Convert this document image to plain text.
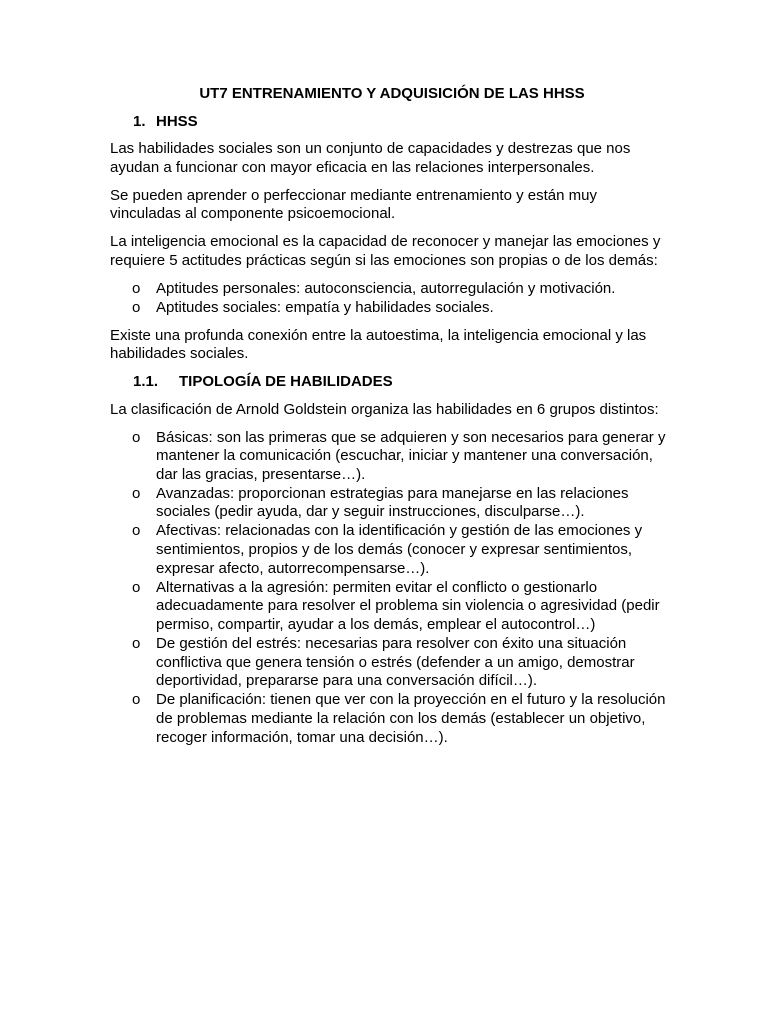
UT7 ENTRENAMIENTO Y ADQUISICIÓN DE LAS HHSS
1. HHSS

Las habilidades sociales son un conjunto de capacidades y destrezas que nos ayudan a funcionar con mayor eficacia en las relaciones interpersonales.

Se pueden aprender o perfeccionar mediante entrenamiento y están muy vinculadas al componente psicoemocional.

La inteligencia emocional es la capacidad de reconocer y manejar las emociones y requiere 5 actitudes prácticas según si las emociones son propias o de los demás:

o	Aptitudes personales: autoconsciencia, autorregulación y motivación.
o	Aptitudes sociales: empatía y habilidades sociales.

Existe una profunda conexión entre la autoestima, la inteligencia emocional y las habilidades sociales.

1.1.	TIPOLOGÍA DE HABILIDADES

La clasificación de Arnold Goldstein organiza las habilidades en 6 grupos distintos:

o	Básicas: son las primeras que se adquieren y son necesarios para generar y mantener la comunicación (escuchar, iniciar y mantener una conversación, dar las gracias, presentarse…).
o	Avanzadas: proporcionan estrategias para manejarse en las relaciones sociales (pedir ayuda, dar y seguir instrucciones, disculparse…).
o	Afectivas: relacionadas con la identificación y gestión de las emociones y sentimientos, propios y de los demás (conocer y expresar sentimientos, expresar afecto, autorrecompensarse…).
o	Alternativas a la agresión: permiten evitar el conflicto o gestionarlo adecuadamente para resolver el problema sin violencia o agresividad (pedir permiso, compartir, ayudar a los demás, emplear el autocontrol…)
o	De gestión del estrés: necesarias para resolver con éxito una situación conflictiva que genera tensión o estrés (defender a un amigo, demostrar deportividad, prepararse para una conversación difícil…).
o	De planificación: tienen que ver con la proyección en el futuro y la resolución de problemas mediante la relación con los demás (establecer un objetivo, recoger información, tomar una decisión…).
